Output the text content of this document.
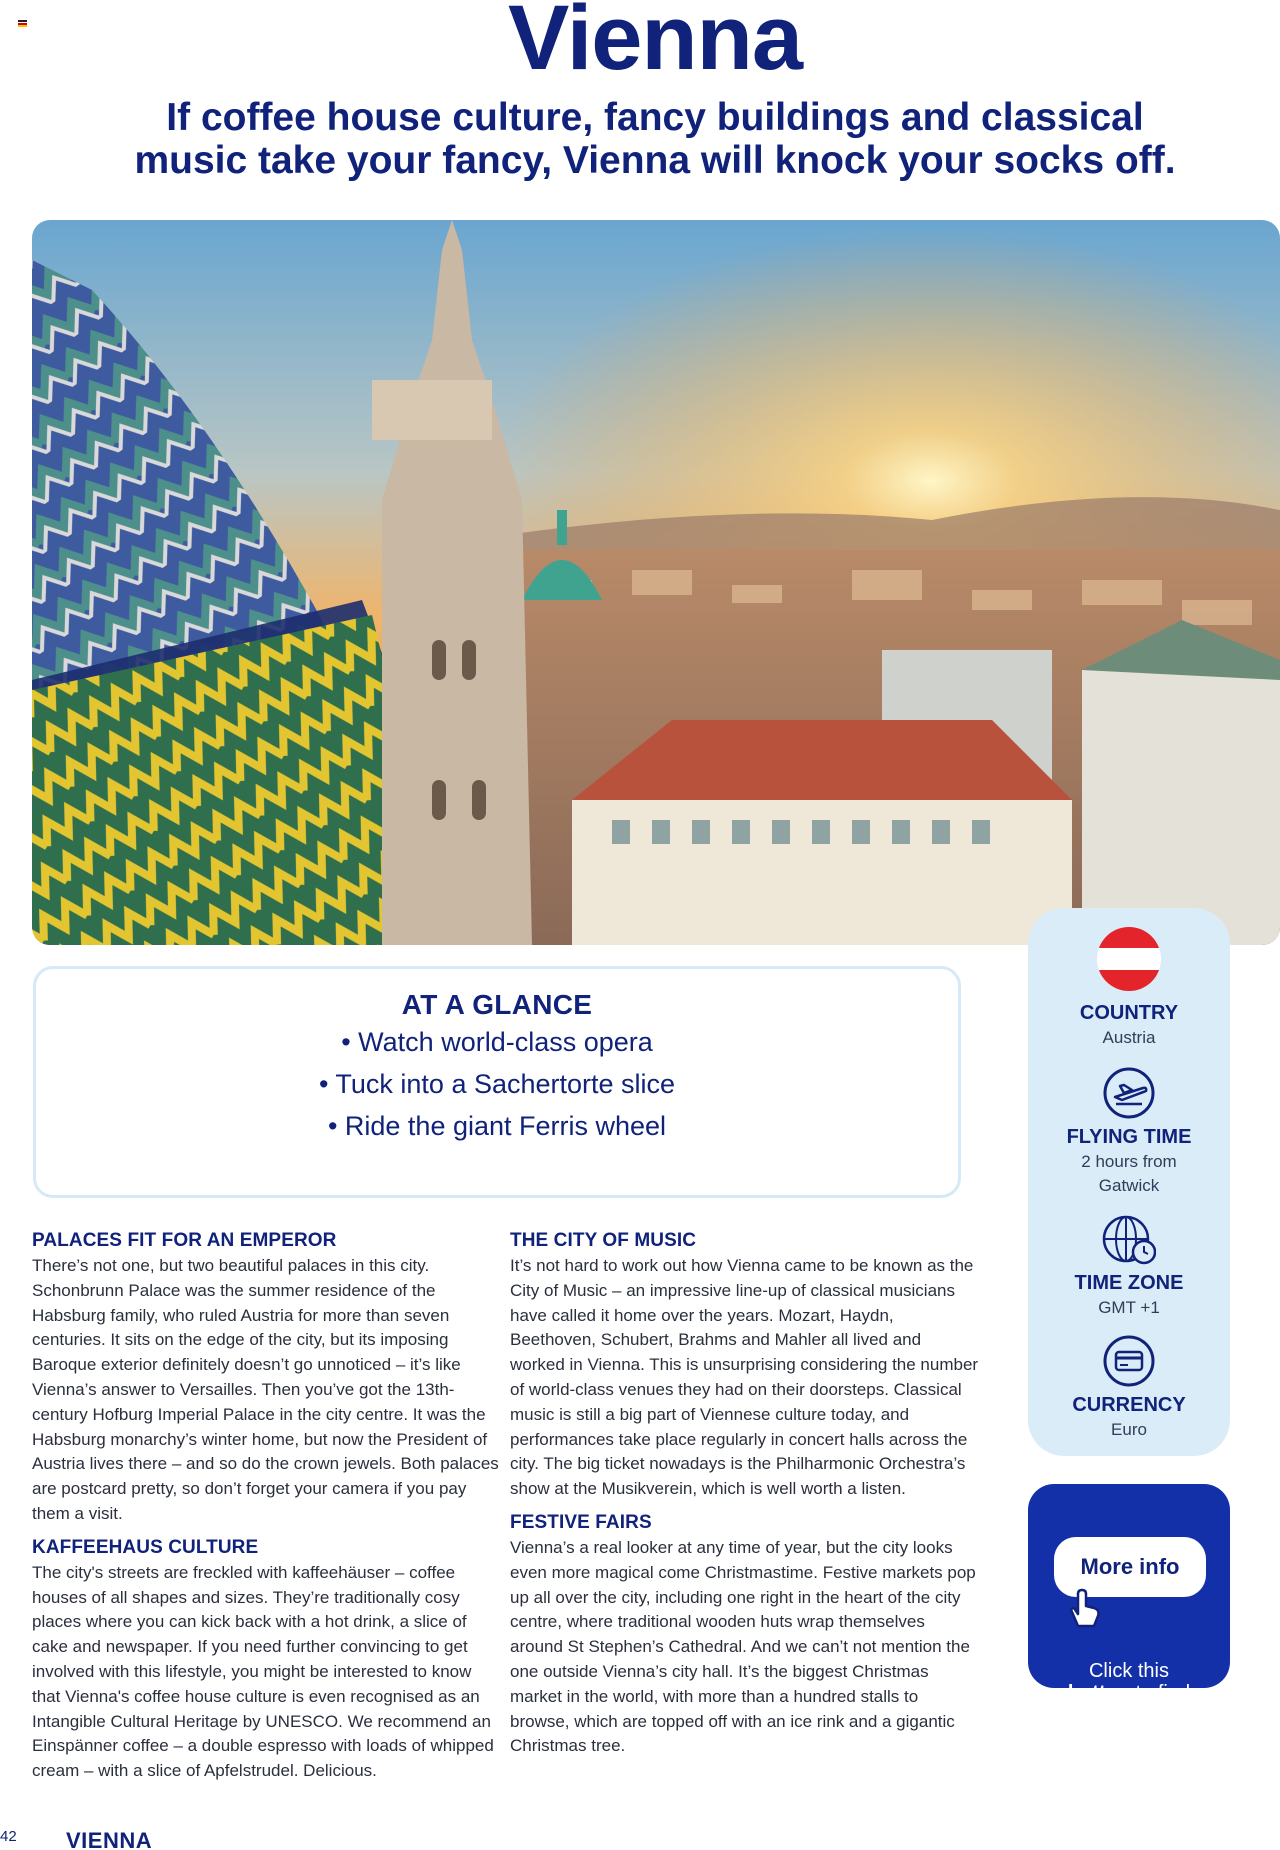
Vienna
If coffee house culture, fancy buildings and classical
music take your fancy, Vienna will knock your socks off.
AT A GLANCE
• Watch world-class opera
• Tuck into a Sachertorte slice
• Ride the giant Ferris wheel
COUNTRY
Austria
FLYING TIME
2 hours from
Gatwick
TIME ZONE
GMT +1
CURRENCY
Euro
More info
Click this
button to find
out more
PALACES FIT FOR AN EMPEROR

There’s not one, but two beautiful palaces in this city. Schonbrunn Palace was the summer residence of the Habsburg family, who ruled Austria for more than seven centuries. It sits on the edge of the city, but its imposing Baroque exterior definitely doesn’t go unnoticed – it’s like Vienna’s answer to Versailles. Then you’ve got the 13th-century Hofburg Imperial Palace in the city centre. It was the Habsburg monarchy’s winter home, but now the President of Austria lives there – and so do the crown jewels. Both palaces are postcard pretty, so don’t forget your camera if you pay them a visit.

KAFFEEHAUS CULTURE

The city's streets are freckled with kaffeehäuser – coffee houses of all shapes and sizes. They’re traditionally cosy places where you can kick back with a hot drink, a slice of cake and newspaper. If you need further convincing to get involved with this lifestyle, you might be interested to know that Vienna's coffee house culture is even recognised as an Intangible Cultural Heritage by UNESCO. We recommend an Einspänner coffee – a double espresso with loads of whipped cream – with a slice of Apfelstrudel. Delicious.

THE CITY OF MUSIC

It’s not hard to work out how Vienna came to be known as the City of Music – an impressive line-up of classical musicians have called it home over the years. Mozart, Haydn, Beethoven, Schubert, Brahms and Mahler all lived and worked in Vienna. This is unsurprising considering the number of world-class venues they had on their doorsteps. Classical music is still a big part of Viennese culture today, and performances take place regularly in concert halls across the city. The big ticket nowadays is the Philharmonic Orchestra’s show at the Musikverein, which is well worth a listen.

FESTIVE FAIRS

Vienna’s a real looker at any time of year, but the city looks even more magical come Christmastime. Festive markets pop up all over the city, including one right in the heart of the city centre, where traditional wooden huts wrap themselves around St Stephen’s Cathedral. And we can’t not mention the one outside Vienna’s city hall. It’s the biggest Christmas market in the world, with more than a hundred stalls to browse, which are topped off with an ice rink and a gigantic Christmas tree.

42 VIENNA
